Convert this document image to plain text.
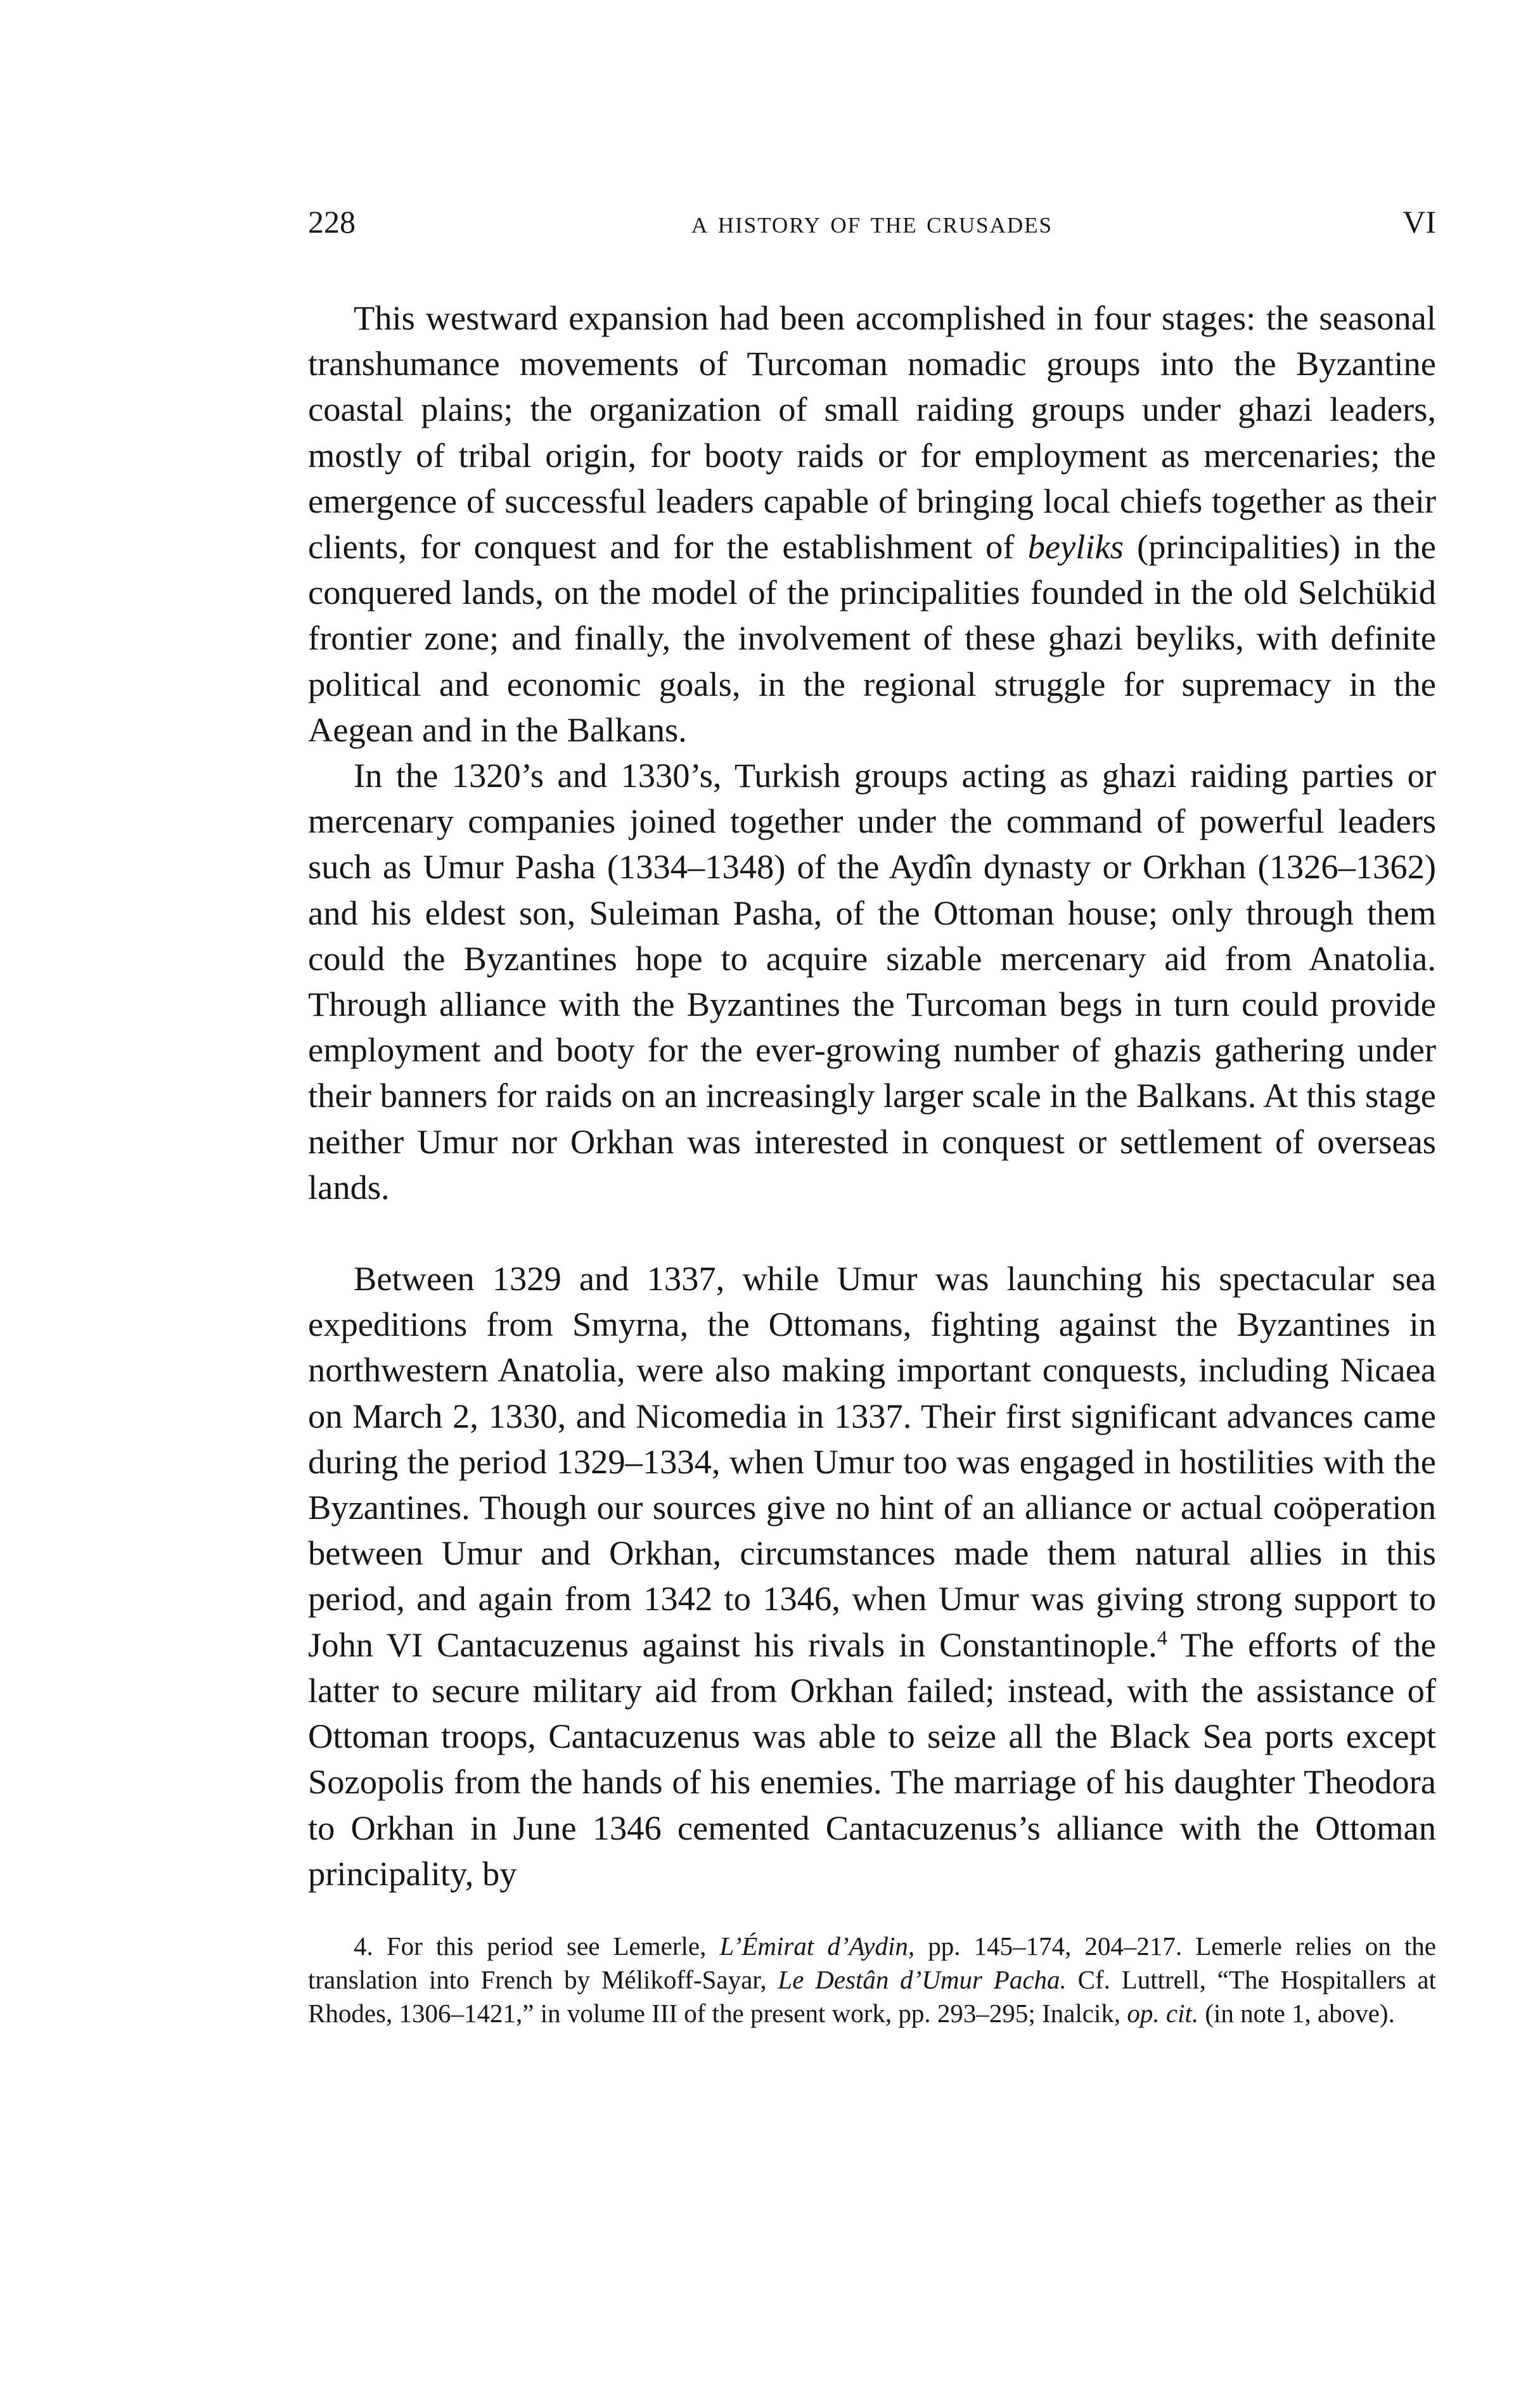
228	a history of the crusades	VI

This westward expansion had been accomplished in four stages: the seasonal transhumance movements of Turcoman nomadic groups into the Byzantine coastal plains; the organization of small raiding groups under ghazi leaders, mostly of tribal origin, for booty raids or for employment as mercenaries; the emergence of successful leaders capable of bringing local chiefs together as their clients, for conquest and for the establishment of beyliks (principalities) in the conquered lands, on the model of the principalities founded in the old Selchükid frontier zone; and finally, the involvement of these ghazi beyliks, with definite political and economic goals, in the regional struggle for supremacy in the Aegean and in the Balkans.

In the 1320’s and 1330’s, Turkish groups acting as ghazi raiding parties or mercenary companies joined together under the command of powerful leaders such as Umur Pasha (1334–1348) of the Aydîn dynasty or Orkhan (1326–1362) and his eldest son, Suleiman Pasha, of the Ottoman house; only through them could the Byzantines hope to acquire sizable mercenary aid from Anatolia. Through alliance with the Byzantines the Turcoman begs in turn could provide employment and booty for the ever-growing number of ghazis gathering under their banners for raids on an increasingly larger scale in the Balkans. At this stage neither Umur nor Orkhan was interested in conquest or settlement of overseas lands.

Between 1329 and 1337, while Umur was launching his spectacular sea expeditions from Smyrna, the Ottomans, fighting against the Byzantines in northwestern Anatolia, were also making important conquests, including Nicaea on March 2, 1330, and Nicomedia in 1337. Their first significant advances came during the period 1329–1334, when Umur too was engaged in hostilities with the Byzantines. Though our sources give no hint of an alliance or actual coöperation between Umur and Orkhan, circumstances made them natural allies in this period, and again from 1342 to 1346, when Umur was giving strong support to John VI Cantacuzenus against his rivals in Constantinople.$^4$ The efforts of the latter to secure military aid from Orkhan failed; instead, with the assistance of Ottoman troops, Cantacuzenus was able to seize all the Black Sea ports except Sozopolis from the hands of his enemies. The marriage of his daughter Theodora to Orkhan in June 1346 cemented Cantacuzenus’s alliance with the Ottoman principality, by

4. For this period see Lemerle, L’Émirat d’Aydin, pp. 145–174, 204–217. Lemerle relies on the translation into French by Mélikoff-Sayar, Le Destân d’Umur Pacha. Cf. Luttrell, “The Hospitallers at Rhodes, 1306–1421,” in volume III of the present work, pp. 293–295; Inalcik, op. cit. (in note 1, above).
